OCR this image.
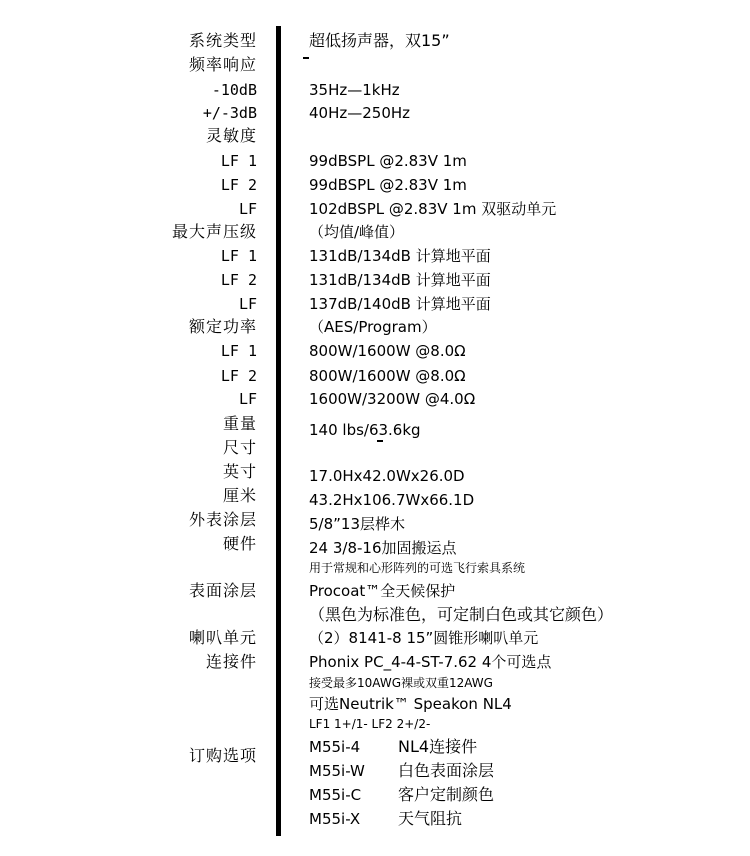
系统类型
频率响应
-10dB
+/-3dB
灵敏度
LF 1
LF 2
LF
最大声压级
LF 1
LF 2
LF
额定功率
LF 1
LF 2
LF
重量
尺寸
英寸
厘米
外表涂层
硬件
表面涂层
喇叭单元
连接件
订购选项
超低扬声器，双15”
35Hz—1kHz
40Hz—250Hz
99dBSPL @2.83V 1m
99dBSPL @2.83V 1m
102dBSPL @2.83V 1m 双驱动单元
（均值/峰值）
131dB/134dB 计算地平面
131dB/134dB 计算地平面
137dB/140dB 计算地平面
（AES/Program）
800W/1600W @8.0Ω
800W/1600W @8.0Ω
1600W/3200W @4.0Ω
140 lbs/63.6kg
17.0Hx42.0Wx26.0D
43.2Hx106.7Wx66.1D
5/8”13层桦木
24 3/8-16加固搬运点
用于常规和心形阵列的可选飞行索具系统
Procoat™全天候保护
（黑色为标准色，可定制白色或其它颜色）
（2）8141-8 15”圆锥形喇叭单元
Phonix PC_4-4-ST-7.62 4个可选点
接受最多10AWG裸或双重12AWG
可选Neutrik™ Speakon NL4
LF1 1+/1- LF2 2+/2-
M55i-4 NL4连接件
M55i-W 白色表面涂层
M55i-C 客户定制颜色
M55i-X 天气阻抗
